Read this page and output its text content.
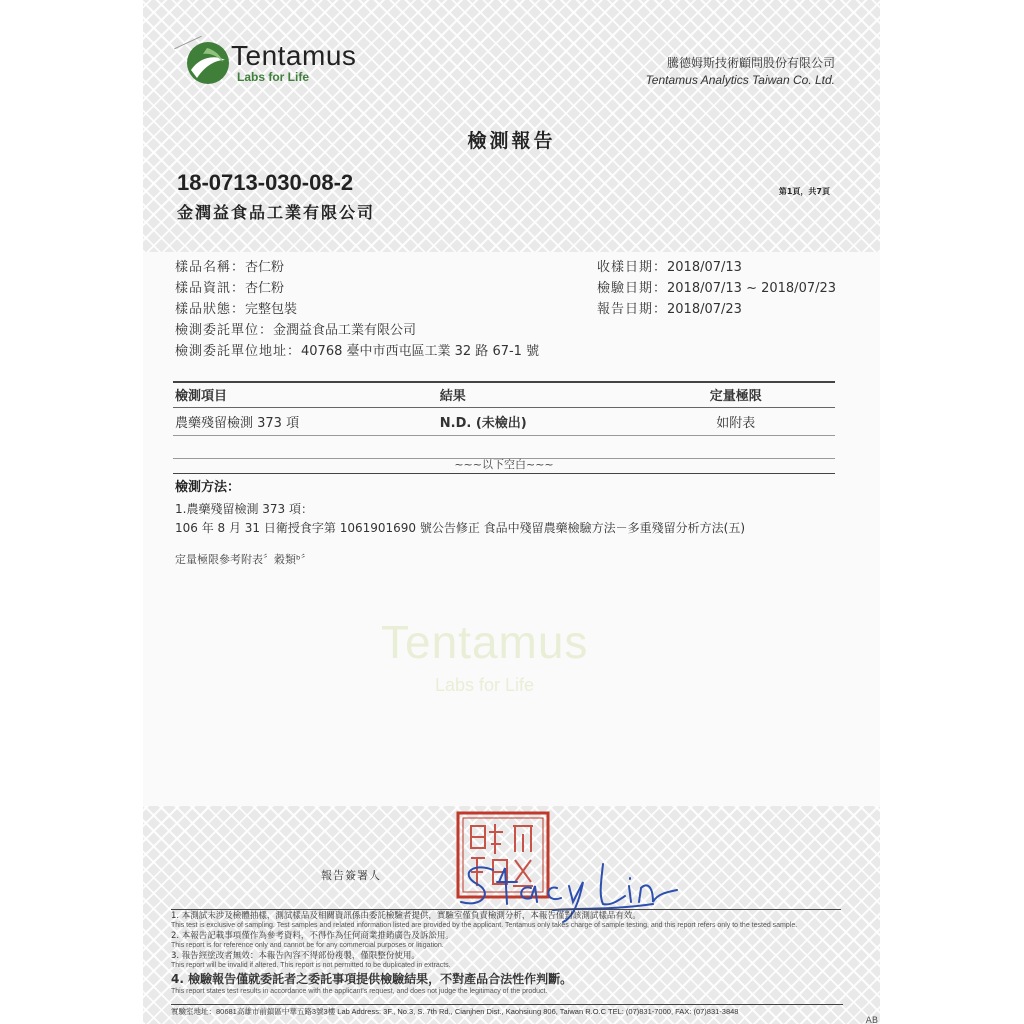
Tentamus
Labs for Life
騰德姆斯技術顧問股份有限公司
Tentamus Analytics Taiwan Co. Ltd.
檢測報告
18-0713-030-08-2
金潤益食品工業有限公司
第1頁，共7頁
樣品名稱：杏仁粉
樣品資訊：杏仁粉
樣品狀態：完整包裝
檢測委託單位：金潤益食品工業有限公司
檢測委託單位地址：40768 臺中市西屯區工業 32 路 67-1 號
收樣日期：2018/07/13
檢驗日期：2018/07/13 ~ 2018/07/23
報告日期：2018/07/23
Tentamus
Labs for Life
檢測項目	結果	定量極限
農藥殘留檢測 373 項	N.D. (未檢出)	如附表

~~~以下空白~~~
檢測方法：
1.農藥殘留檢測 373 項：
106 年 8 月 31 日衛授食字第 1061901690 號公告修正 食品中殘留農藥檢驗方法－多重殘留分析方法(五)
定量極限參考附表〞穀類ᵇ〞
報告簽署人
1. 本測試未涉及檢體抽樣，測試樣品及相關資訊係由委託檢驗者提供，實驗室僅負責檢測分析，本報告僅對該測試樣品有效。
This test is exclusive of sampling. Test samples and related information listed are provided by the applicant. Tentamus only takes charge of sample testing, and this report refers only to the tested sample.
2. 本報告記載事項僅作為參考資料，不得作為任何商業推銷廣告及訴訟用。
This report is for reference only and cannot be for any commercial purposes or litigation.
3. 報告經塗改者無效：本報告內容不得部份複製，僅限整份使用。
This report will be invalid if altered. This report is not permitted to be duplicated in extracts.
4. 檢驗報告僅就委託者之委託事項提供檢驗結果，不對產品合法性作判斷。
This report states test results in accordance with the applicant's request, and does not judge the legitimacy of the product.
實驗室地址：80681高雄市前鎮區中華五路3號3樓 Lab Address: 3F., No.3, S. 7th Rd., Cianjhen Dist., Kaohsiung 806, Taiwan R.O.C TEL: (07)831-7000, FAX: (07)831-3848
AB
